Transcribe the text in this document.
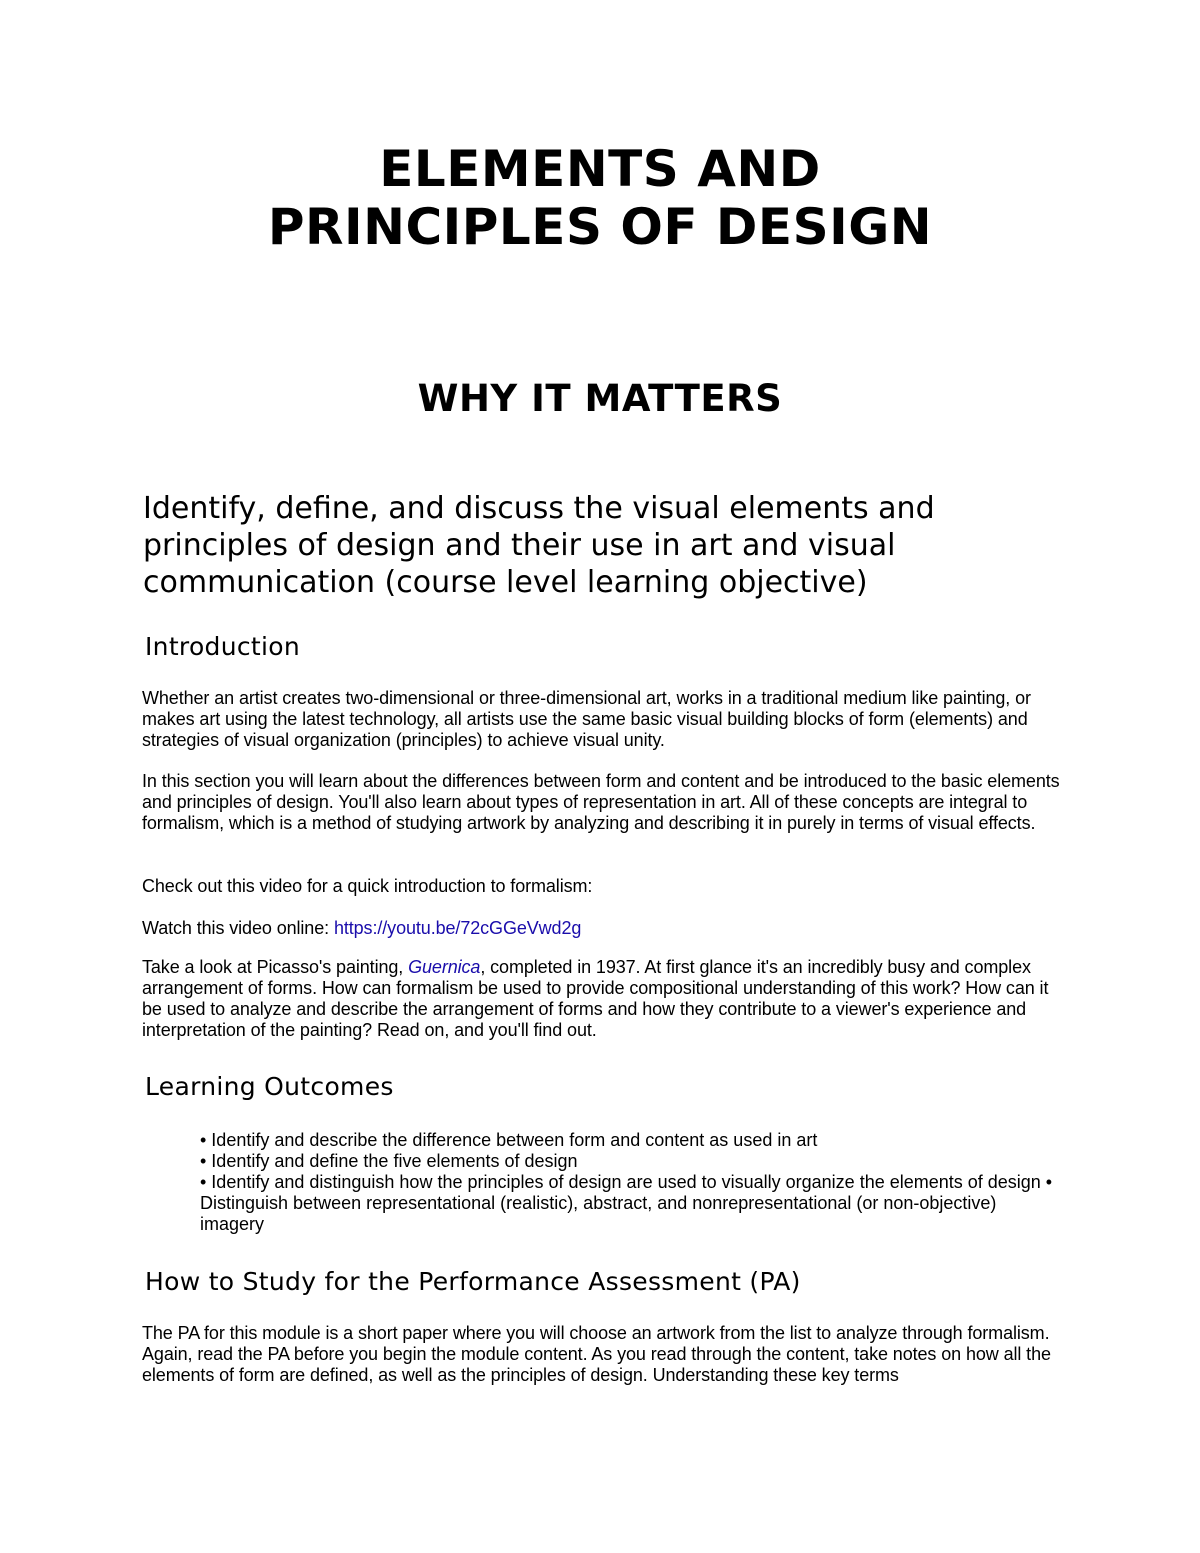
ELEMENTS AND
PRINCIPLES OF DESIGN
WHY IT MATTERS

Identify, define, and discuss the visual elements and principles of design and their use in art and visual communication (course level learning objective)

Introduction

Whether an artist creates two-dimensional or three-dimensional art, works in a traditional medium like painting, or makes art using the latest technology, all artists use the same basic visual building blocks of form (elements) and strategies of visual organization (principles) to achieve visual unity.

In this section you will learn about the differences between form and content and be introduced to the basic elements and principles of design. You'll also learn about types of representation in art. All of these concepts are integral to formalism, which is a method of studying artwork by analyzing and describing it in purely in terms of visual effects.

Check out this video for a quick introduction to formalism:

Watch this video online: https://youtu.be/72cGGeVwd2g

Take a look at Picasso's painting, Guernica, completed in 1937. At first glance it's an incredibly busy and complex arrangement of forms. How can formalism be used to provide compositional understanding of this work? How can it be used to analyze and describe the arrangement of forms and how they contribute to a viewer's experience and interpretation of the painting? Read on, and you'll find out.

Learning Outcomes
• Identify and describe the difference between form and content as used in art
• Identify and define the five elements of design
• Identify and distinguish how the principles of design are used to visually organize the elements of design • Distinguish between representational (realistic), abstract, and nonrepresentational (or non-objective) imagery
How to Study for the Performance Assessment (PA)

The PA for this module is a short paper where you will choose an artwork from the list to analyze through formalism. Again, read the PA before you begin the module content. As you read through the content, take notes on how all the elements of form are defined, as well as the principles of design. Understanding these key terms
